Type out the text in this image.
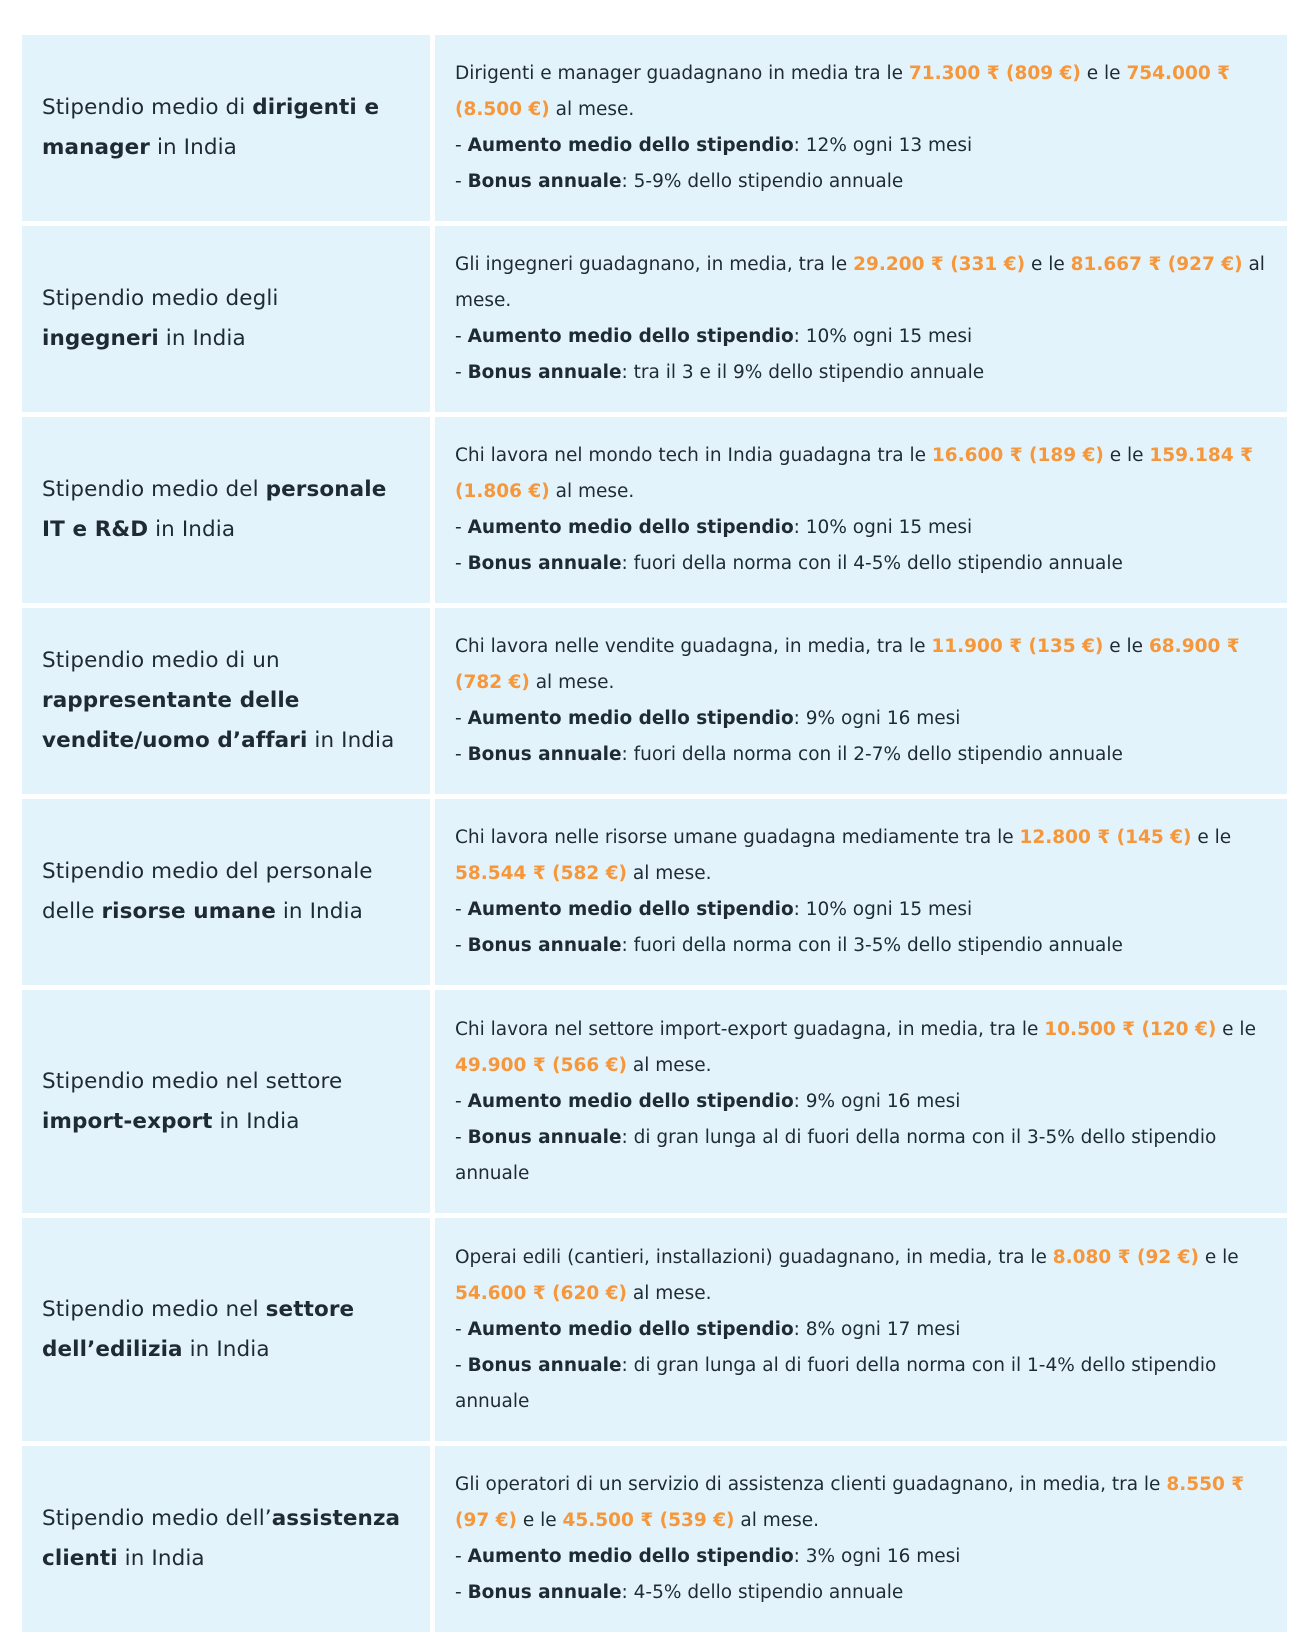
Stipendio medio di dirigenti e manager in India

Dirigenti e manager guadagnano in media tra le 71.300 ₹ (809 €) e le 754.000 ₹ (8.500 €) al mese.

- Aumento medio dello stipendio: 12% ogni 13 mesi

- Bonus annuale: 5-9% dello stipendio annuale

Stipendio medio degli ingegneri in India

Gli ingegneri guadagnano, in media, tra le 29.200 ₹ (331 €) e le 81.667 ₹ (927 €) al mese.

- Aumento medio dello stipendio: 10% ogni 15 mesi

- Bonus annuale: tra il 3 e il 9% dello stipendio annuale

Stipendio medio del personale IT e R&D in India

Chi lavora nel mondo tech in India guadagna tra le 16.600 ₹ (189 €) e le 159.184 ₹ (1.806 €) al mese.

- Aumento medio dello stipendio: 10% ogni 15 mesi

- Bonus annuale: fuori della norma con il 4-5% dello stipendio annuale

Stipendio medio di un rappresentante delle vendite/uomo d’affari in India

Chi lavora nelle vendite guadagna, in media, tra le 11.900 ₹ (135 €) e le 68.900 ₹ (782 €) al mese.

- Aumento medio dello stipendio: 9% ogni 16 mesi

- Bonus annuale: fuori della norma con il 2-7% dello stipendio annuale

Stipendio medio del personale delle risorse umane in India

Chi lavora nelle risorse umane guadagna mediamente tra le 12.800 ₹ (145 €) e le 58.544 ₹ (582 €) al mese.

- Aumento medio dello stipendio: 10% ogni 15 mesi

- Bonus annuale: fuori della norma con il 3-5% dello stipendio annuale

Stipendio medio nel settore import-export in India

Chi lavora nel settore import-export guadagna, in media, tra le 10.500 ₹ (120 €) e le 49.900 ₹ (566 €) al mese.

- Aumento medio dello stipendio: 9% ogni 16 mesi

- Bonus annuale: di gran lunga al di fuori della norma con il 3-5% dello stipendio annuale

Stipendio medio nel settore dell’edilizia in India

Operai edili (cantieri, installazioni) guadagnano, in media, tra le 8.080 ₹ (92 €) e le 54.600 ₹ (620 €) al mese.

- Aumento medio dello stipendio: 8% ogni 17 mesi

- Bonus annuale: di gran lunga al di fuori della norma con il 1-4% dello stipendio annuale

Stipendio medio dell’assistenza clienti in India

Gli operatori di un servizio di assistenza clienti guadagnano, in media, tra le 8.550 ₹ (97 €) e le 45.500 ₹ (539 €) al mese.

- Aumento medio dello stipendio: 3% ogni 16 mesi

- Bonus annuale: 4-5% dello stipendio annuale
